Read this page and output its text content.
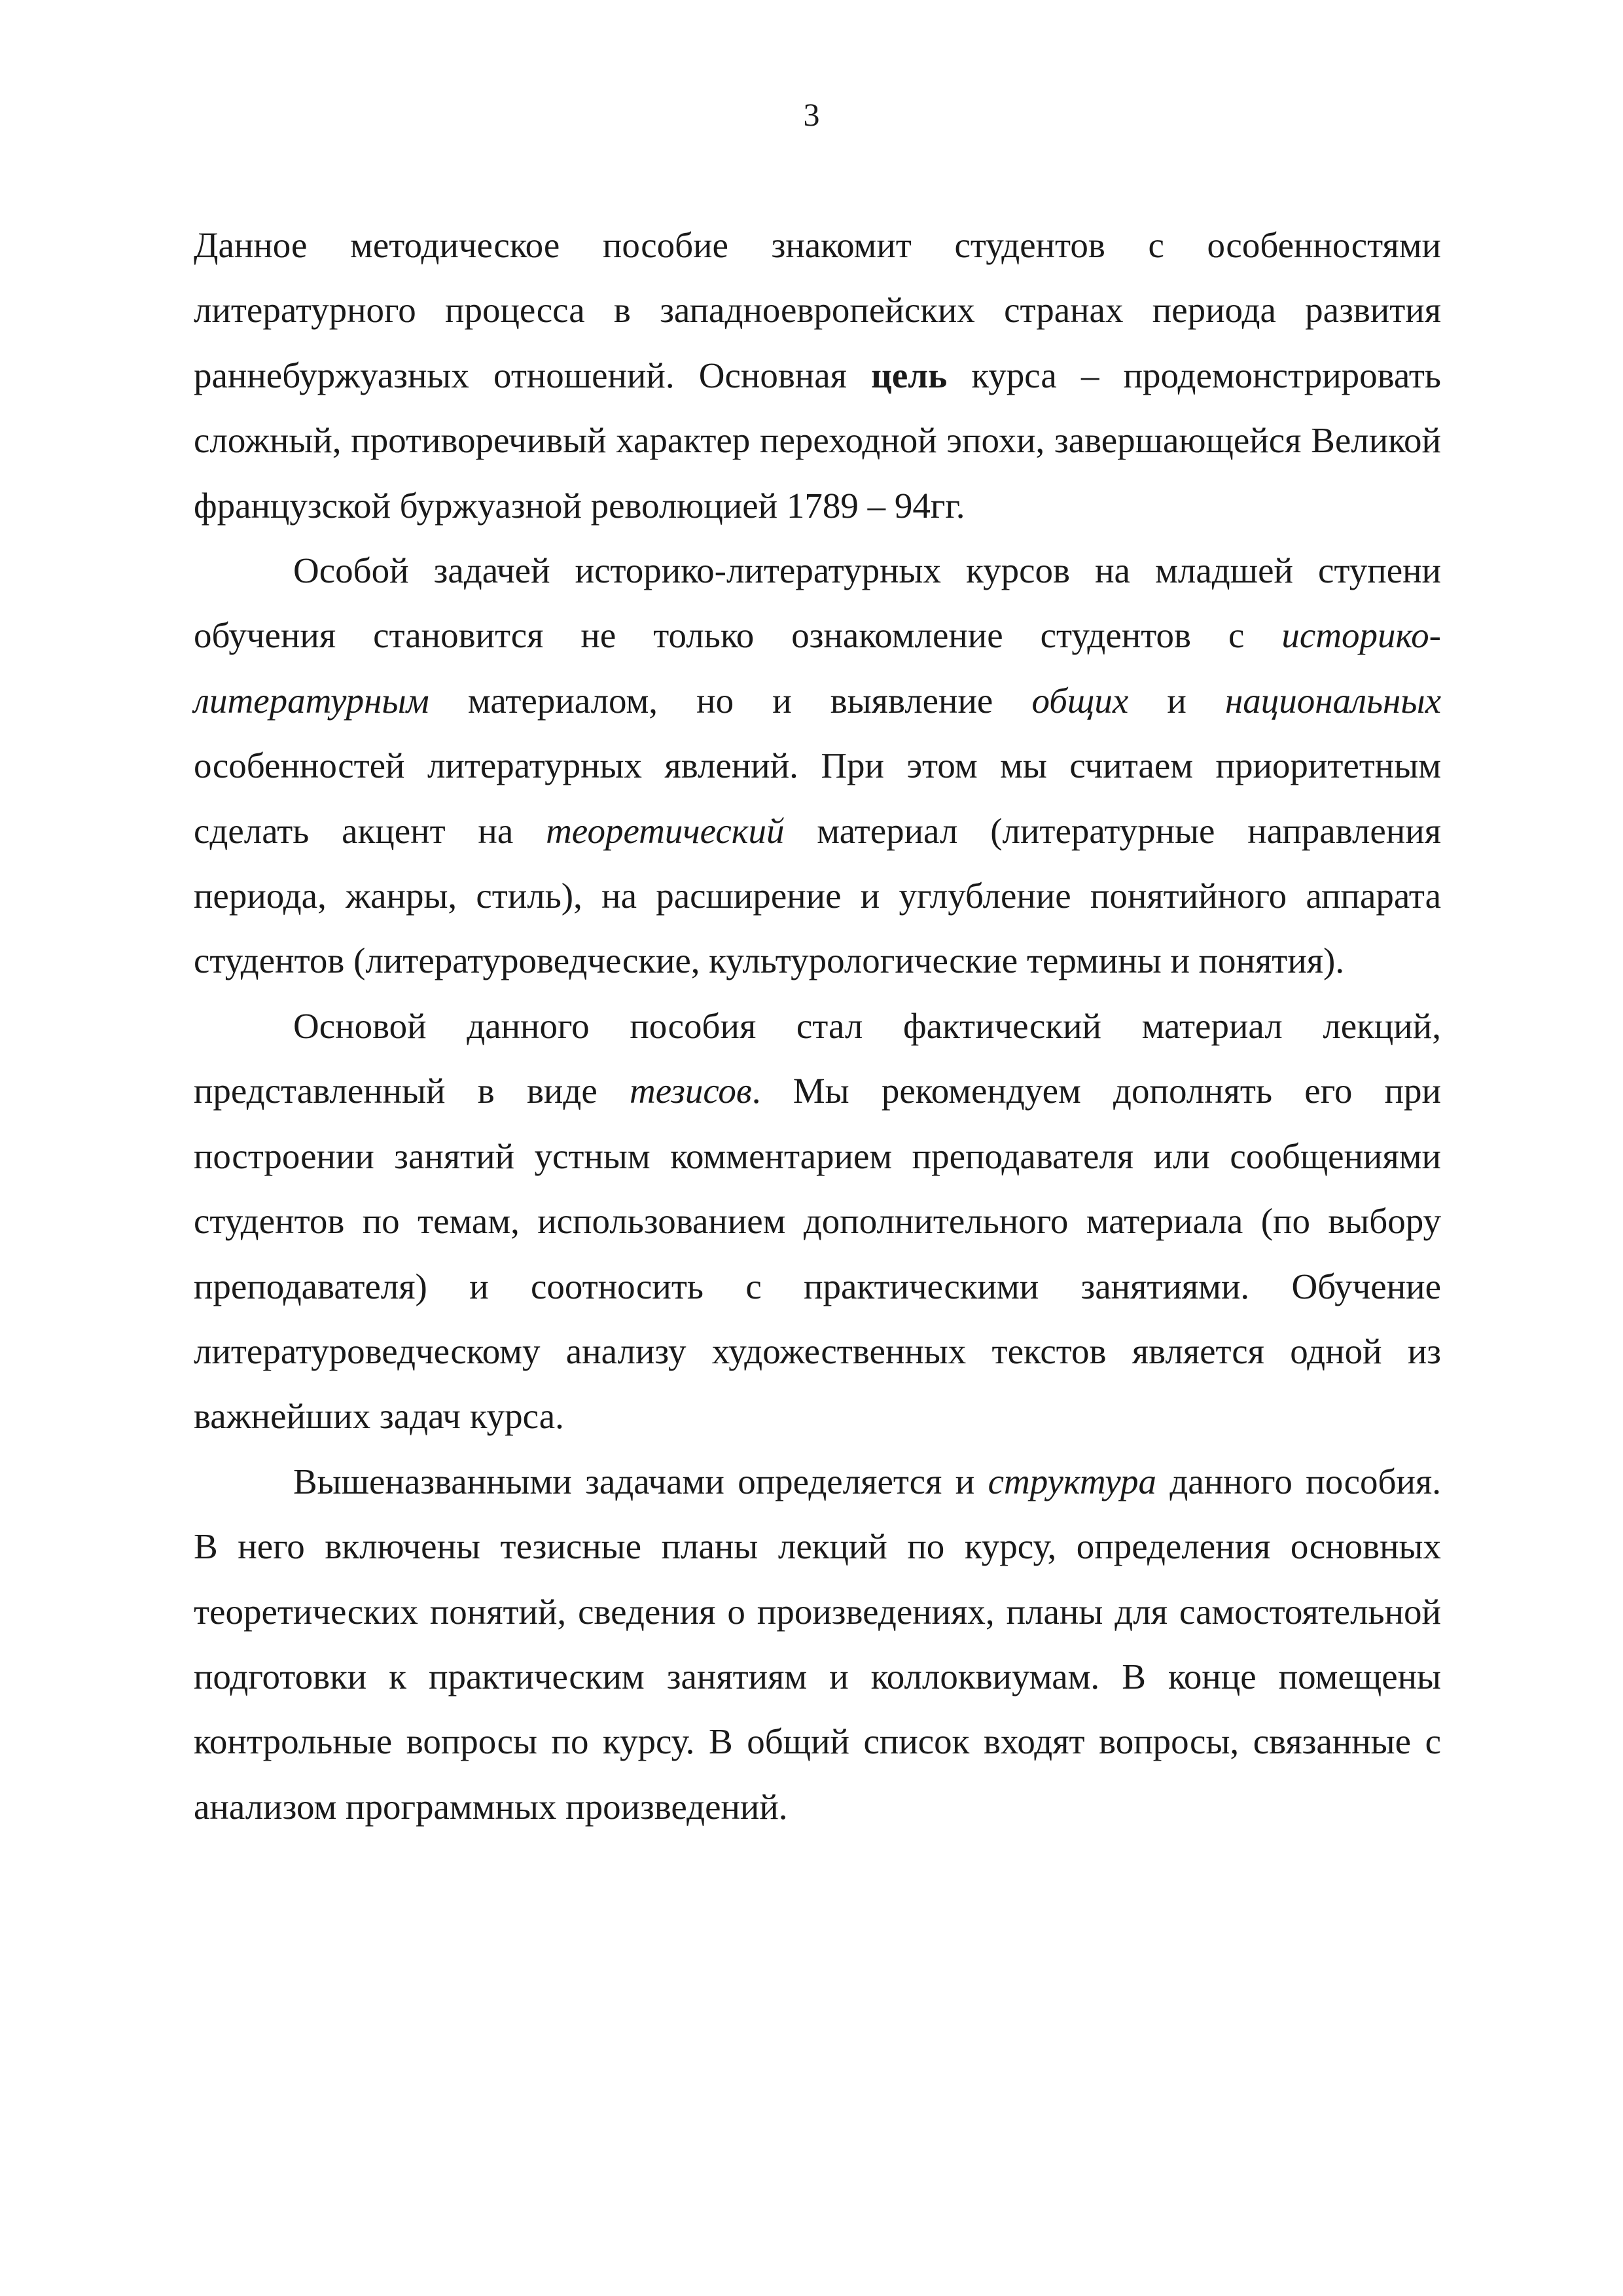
3

Данное методическое пособие знакомит студентов с особенностями литературного процесса в западноевропейских странах периода развития раннебуржуазных отношений. Основная цель курса – продемонстрировать сложный, противоречивый характер переходной эпохи, завершающейся Великой французской буржуазной революцией 1789 – 94гг.

Особой задачей историко-литературных курсов на младшей ступени обучения становится не только ознакомление студентов с историко-литературным материалом, но и выявление общих и национальных особенностей литературных явлений. При этом мы считаем приоритетным сделать акцент на теоретический материал (литературные направления периода, жанры, стиль), на расширение и углубление понятийного аппарата студентов (литературоведческие, культурологические термины и понятия).

Основой данного пособия стал фактический материал лекций, представленный в виде тезисов. Мы рекомендуем дополнять его при построении занятий устным комментарием преподавателя или сообщениями студентов по темам, использованием дополнительного материала (по выбору преподавателя) и соотносить с практическими занятиями. Обучение литературоведческому анализу художественных текстов является одной из важнейших задач курса.

Вышеназванными задачами определяется и структура данного пособия. В него включены тезисные планы лекций по курсу, определения основных теоретических понятий, сведения о произведениях, планы для самостоятельной подготовки к практическим занятиям и коллоквиумам. В конце помещены контрольные вопросы по курсу. В общий список входят вопросы, связанные с анализом программных произведений.
